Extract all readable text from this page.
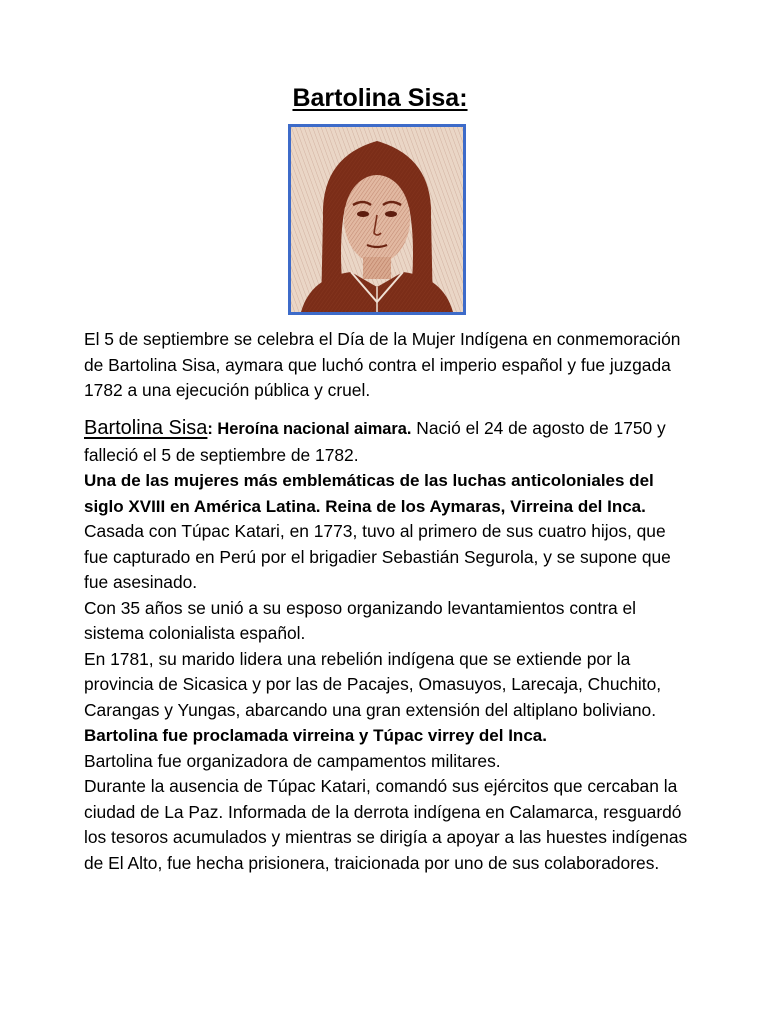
Bartolina Sisa:
El 5 de septiembre se celebra el Día de la Mujer Indígena en conmemoración de Bartolina Sisa, aymara que luchó contra el imperio español y fue juzgada 1782 a una ejecución pública y cruel.

Bartolina Sisa: Heroína nacional aimara. Nació el 24 de agosto de 1750 y falleció el 5 de septiembre de 1782.

Una de las mujeres más emblemáticas de las luchas anticoloniales del siglo XVIII en América Latina. Reina de los Aymaras, Virreina del Inca.

Casada con Túpac Katari, en 1773, tuvo al primero de sus cuatro hijos, que fue capturado en Perú por el brigadier Sebastián Segurola, y se supone que fue asesinado.

Con 35 años se unió a su esposo organizando levantamientos contra el sistema colonialista español.

En 1781, su marido lidera una rebelión indígena que se extiende por la provincia de Sicasica y por las de Pacajes, Omasuyos, Larecaja, Chuchito, Carangas y Yungas, abarcando una gran extensión del altiplano boliviano. Bartolina fue proclamada virreina y Túpac virrey del Inca.

Bartolina fue organizadora de campamentos militares.

Durante la ausencia de Túpac Katari, comandó sus ejércitos que cercaban la ciudad de La Paz. Informada de la derrota indígena en Calamarca, resguardó los tesoros acumulados y mientras se dirigía a apoyar a las huestes indígenas de El Alto, fue hecha prisionera, traicionada por uno de sus colaboradores.
